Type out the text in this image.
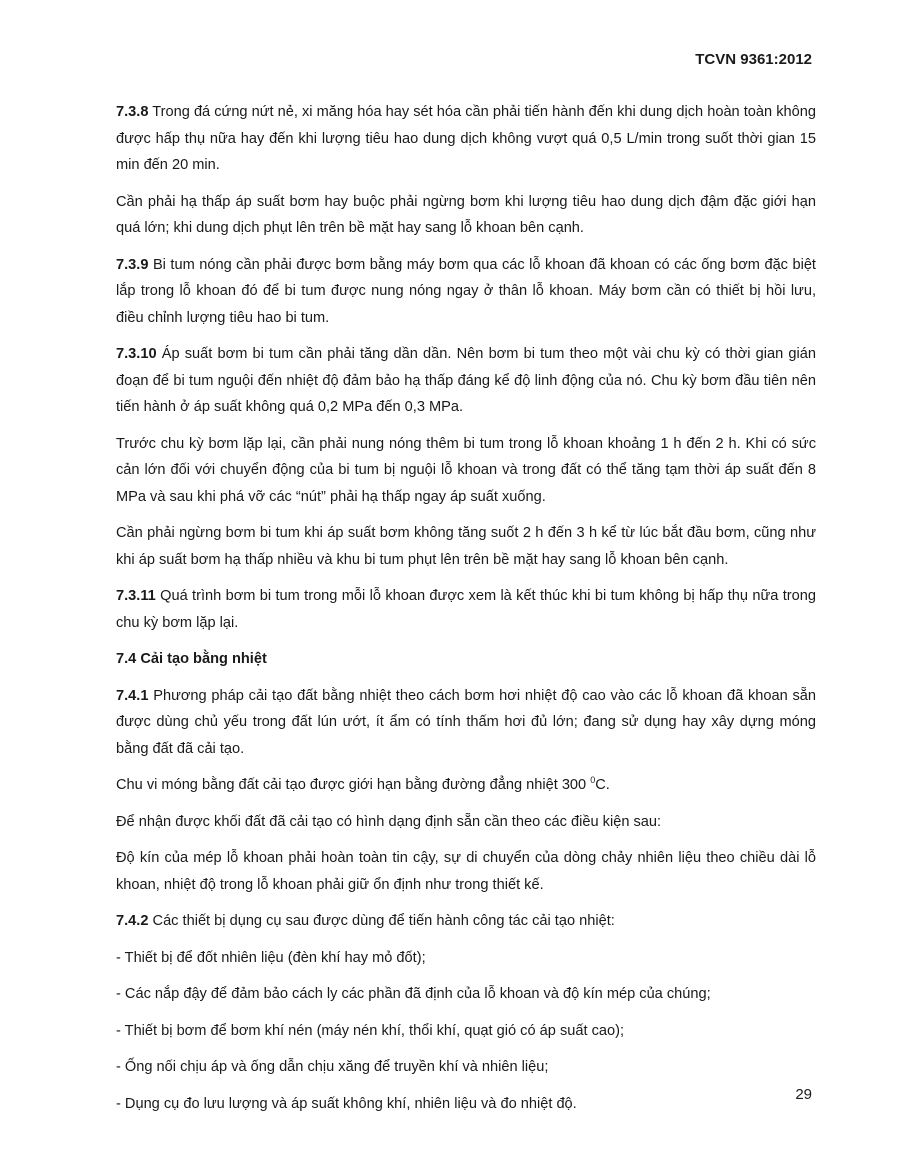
TCVN 9361:2012

7.3.8 Trong đá cứng nứt nẻ, xi măng hóa hay sét hóa cần phải tiến hành đến khi dung dịch hoàn toàn không được hấp thụ nữa hay đến khi lượng tiêu hao dung dịch không vượt quá 0,5 L/min trong suốt thời gian 15 min đến 20 min.

Cần phải hạ thấp áp suất bơm hay buộc phải ngừng bơm khi lượng tiêu hao dung dịch đậm đặc giới hạn quá lớn; khi dung dịch phụt lên trên bề mặt hay sang lỗ khoan bên cạnh.

7.3.9 Bi tum nóng cần phải được bơm bằng máy bơm qua các lỗ khoan đã khoan có các ống bơm đặc biệt lắp trong lỗ khoan đó để bi tum được nung nóng ngay ở thân lỗ khoan. Máy bơm cần có thiết bị hồi lưu, điều chỉnh lượng tiêu hao bi tum.

7.3.10 Áp suất bơm bi tum cần phải tăng dần dần. Nên bơm bi tum theo một vài chu kỳ có thời gian gián đoạn để bi tum nguội đến nhiệt độ đảm bảo hạ thấp đáng kể độ linh động của nó. Chu kỳ bơm đầu tiên nên tiến hành ở áp suất không quá 0,2 MPa đến 0,3 MPa.

Trước chu kỳ bơm lặp lại, cần phải nung nóng thêm bi tum trong lỗ khoan khoảng 1 h đến 2 h. Khi có sức cản lớn đối với chuyển động của bi tum bị nguội lỗ khoan và trong đất có thể tăng tạm thời áp suất đến 8 MPa và sau khi phá vỡ các “nút” phải hạ thấp ngay áp suất xuống.

Cần phải ngừng bơm bi tum khi áp suất bơm không tăng suốt 2 h đến 3 h kể từ lúc bắt đầu bơm, cũng như khi áp suất bơm hạ thấp nhiều và khu bi tum phụt lên trên bề mặt hay sang lỗ khoan bên cạnh.

7.3.11 Quá trình bơm bi tum trong mỗi lỗ khoan được xem là kết thúc khi bi tum không bị hấp thụ nữa trong chu kỳ bơm lặp lại.

7.4 Cải tạo bằng nhiệt

7.4.1 Phương pháp cải tạo đất bằng nhiệt theo cách bơm hơi nhiệt độ cao vào các lỗ khoan đã khoan sẵn được dùng chủ yếu trong đất lún ướt, ít ẩm có tính thấm hơi đủ lớn; đang sử dụng hay xây dựng móng bằng đất đã cải tạo.

Chu vi móng bằng đất cải tạo được giới hạn bằng đường đẳng nhiệt 300 $^0$C.

Để nhận được khối đất đã cải tạo có hình dạng định sẵn cần theo các điều kiện sau:

Độ kín của mép lỗ khoan phải hoàn toàn tin cậy, sự di chuyển của dòng chảy nhiên liệu theo chiều dài lỗ khoan, nhiệt độ trong lỗ khoan phải giữ ổn định như trong thiết kế.

7.4.2 Các thiết bị dụng cụ sau được dùng để tiến hành công tác cải tạo nhiệt:

- Thiết bị để đốt nhiên liệu (đèn khí hay mỏ đốt);

- Các nắp đậy để đảm bảo cách ly các phần đã định của lỗ khoan và độ kín mép của chúng;

- Thiết bị bơm để bơm khí nén (máy nén khí, thổi khí, quạt gió có áp suất cao);

- Ống nối chịu áp và ống dẫn chịu xăng để truyền khí và nhiên liệu;

- Dụng cụ đo lưu lượng và áp suất không khí, nhiên liệu và đo nhiệt độ.

29
